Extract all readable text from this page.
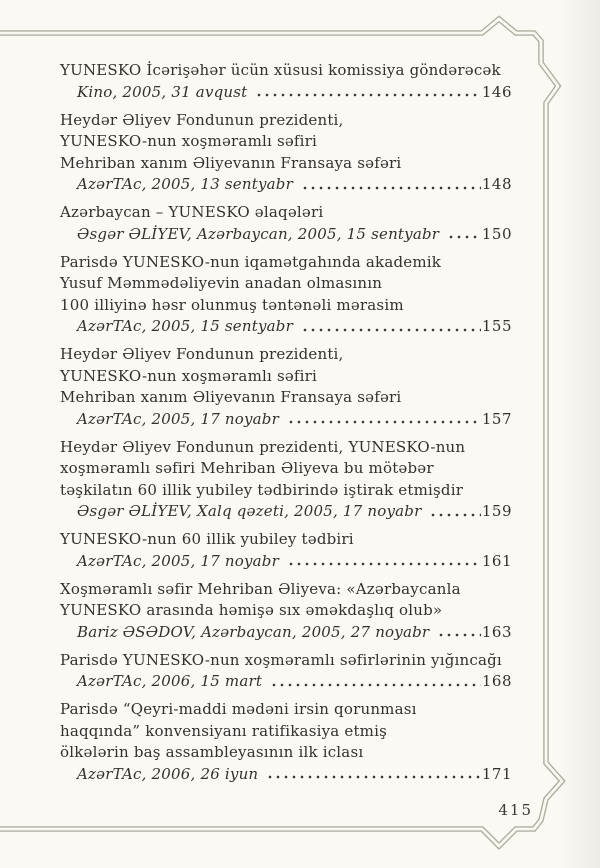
YUNESKO İcərişəhər ücün xüsusi komissiya göndərəcək
Kino, 2005, 31 avqust	146
Heydər Əliyev Fondunun prezidenti,
YUNESKO-nun xoşməramlı səfiri
Mehriban xanım Əliyevanın Fransaya səfəri
AzərTAc, 2005, 13 sentyabr	148
Azərbaycan – YUNESKO əlaqələri
Əsgər ƏLİYEV, Azərbaycan, 2005, 15 sentyabr	150
Parisdə YUNESKO-nun iqamətgahında akademik
Yusuf Məmmədəliyevin anadan olmasının
100 illiyinə həsr olunmuş təntənəli mərasim
AzərTAc, 2005, 15 sentyabr	155
Heydər Əliyev Fondunun prezidenti,
YUNESKO-nun xoşməramlı səfiri
Mehriban xanım Əliyevanın Fransaya səfəri
AzərTAc, 2005, 17 noyabr	157
Heydər Əliyev Fondunun prezidenti, YUNESKO-nun
xoşməramlı səfiri Mehriban Əliyeva bu mötəbər
təşkilatın 60 illik yubiley tədbirində iştirak etmişdir
Əsgər ƏLİYEV, Xalq qəzeti, 2005, 17 noyabr	159
YUNESKO-nun 60 illik yubiley tədbiri
AzərTAc, 2005, 17 noyabr	161
Xoşməramlı səfir Mehriban Əliyeva: «Azərbaycanla
YUNESKO arasında həmişə sıx əməkdaşlıq olub»
Bariz ƏSƏDOV, Azərbaycan, 2005, 27 noyabr	163
Parisdə YUNESKO-nun xoşməramlı səfirlərinin yığıncağı
AzərTAc, 2006, 15 mart	168
Parisdə “Qeyri-maddi mədəni irsin qorunması
haqqında” konvensiyanı ratifikasiya etmiş
ölkələrin baş assambleyasının ilk iclası
AzərTAc, 2006, 26 iyun	171
415
